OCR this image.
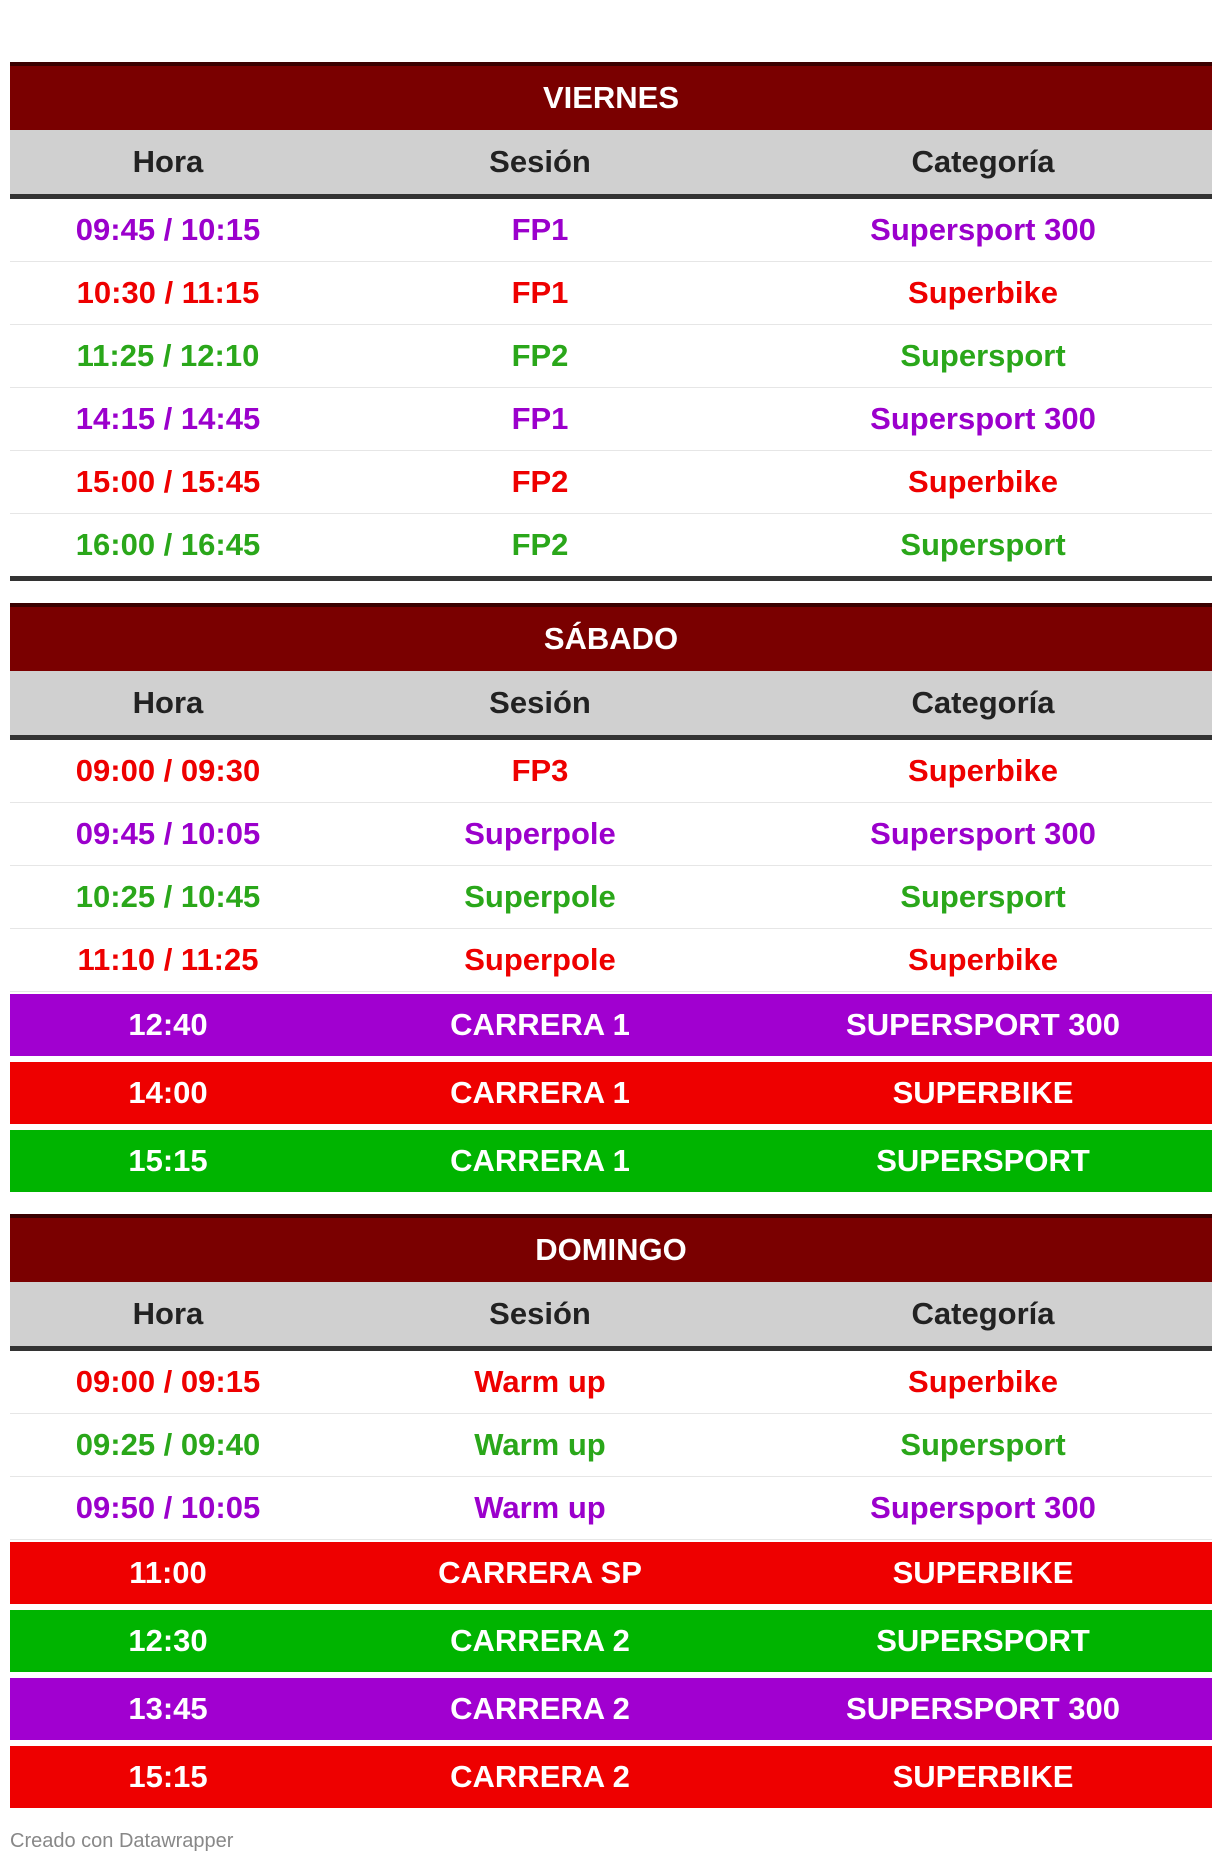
VIERNES
Hora	Sesión	Categoría
09:45 / 10:15	FP1	Supersport 300
10:30 / 11:15	FP1	Superbike
11:25 / 12:10	FP2	Supersport
14:15 / 14:45	FP1	Supersport 300
15:00 / 15:45	FP2	Superbike
16:00 / 16:45	FP2	Supersport
SÁBADO
Hora	Sesión	Categoría
09:00 / 09:30	FP3	Superbike
09:45 / 10:05	Superpole	Supersport 300
10:25 / 10:45	Superpole	Supersport
11:10 / 11:25	Superpole	Superbike
12:40	CARRERA 1	SUPERSPORT 300
14:00	CARRERA 1	SUPERBIKE
15:15	CARRERA 1	SUPERSPORT
DOMINGO
Hora	Sesión	Categoría
09:00 / 09:15	Warm up	Superbike
09:25 / 09:40	Warm up	Supersport
09:50 / 10:05	Warm up	Supersport 300
11:00	CARRERA SP	SUPERBIKE
12:30	CARRERA 2	SUPERSPORT
13:45	CARRERA 2	SUPERSPORT 300
15:15	CARRERA 2	SUPERBIKE
Creado con Datawrapper
